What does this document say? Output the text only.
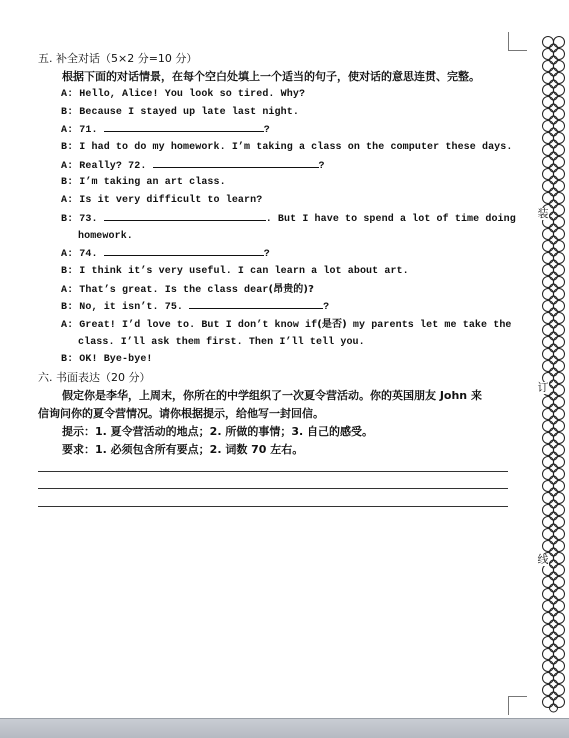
装
订
线

五. 补全对话（5×2 分=10 分）

根据下面的对话情景，在每个空白处填上一个适当的句子，使对话的意思连贯、完整。

A: Hello, Alice! You look so tired. Why?

B: Because I stayed up late last night.

A: 71.	?

B: I had to do my homework. I’m taking a class on the computer these days.

A: Really? 72.	?

B: I’m taking an art class.

A: Is it very difficult to learn?

B: 73.	. But I have to spend a lot of time doing

homework.

A: 74.	?

B: I think it’s very useful. I can learn a lot about art.

A: That’s great. Is the class dear(昂贵的)?

B: No, it isn’t. 75.	?

A: Great! I’d love to. But I don’t know if(是否) my parents let me take the

class. I’ll ask them first. Then I’ll tell you.

B: OK! Bye-bye!

六. 书面表达（20 分）

假定你是李华，上周末，你所在的中学组织了一次夏令营活动。你的英国朋友 John 来

信询问你的夏令营情况。请你根据提示，给他写一封回信。

提示：1. 夏令营活动的地点；2. 所做的事情；3. 自己的感受。

要求：1. 必须包含所有要点；2. 词数 70 左右。
